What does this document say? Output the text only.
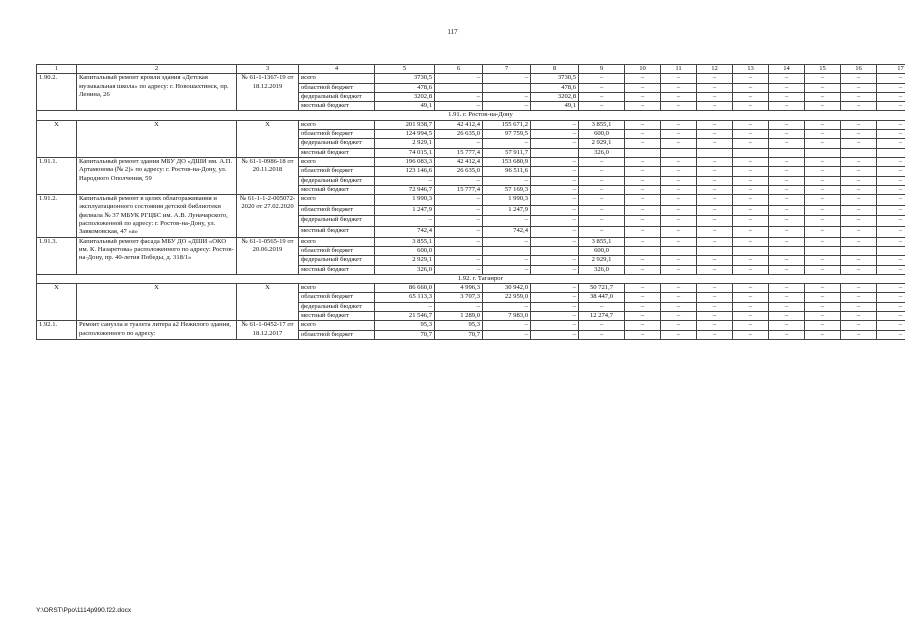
117
1	2	3	4	5	6	7	8	9	10	11	12	13	14	15	16	17
1.90.2.	Капитальный ремонт кровли здания «Детская музыкальная школа» по адресу: г. Новошахтинск, пр. Ленина, 26	№ 61-1-1367-19 от 18.12.2019	всего	3730,5	–	–	3730,5	–	–	–	–	–	–	–	–	–
			областной бюджет	478,6			478,6	–	–	–	–	–	–	–	–	–
			федеральный бюджет	3202,8	–	–	3202,8	–	–	–	–	–	–	–	–	–
			местный бюджет	49,1	–	–	49,1	–	–	–	–	–	–	–	–	–
1.91. г. Ростов-на-Дону																
X	X	X	всего	201 938,7	42 412,4	155 671,2	–	3 855,1	–	–	–	–	–	–	–	–
			областной бюджет	124 994,5	26 635,0	97 759,5	–	600,0	–	–	–	–	–	–	–	–
			федеральный бюджет	2 929,1	–	–	–	2 929,1	–	–	–	–	–	–	–	–
			местный бюджет	74 015,1	15 777,4	57 911,7		326,0								
1.91.1.	Капитальный ремонт здания МБУ ДО «ДШИ им. А.П. Артамонова (№ 2)» по адресу: г. Ростов-на-Дону, ул. Народного Ополчения, 59	№ 61-1-0986-18 от 20.11.2018	всего	196 083,3	42 412,4	153 680,9	–	–	–	–	–	–	–	–	–	–
			областной бюджет	123 146,6	26 635,0	96 511,6	–	–	–	–	–	–	–	–	–	–
			федеральный бюджет	–	–	–	–	–	–	–	–	–	–	–	–	–
			местный бюджет	72 946,7	15 777,4	57 169,3	–	–	–	–	–	–	–	–	–	–
1.91.2.	Капитальный ремонт в целях облагораживания и эксплуатационного состояния детской библиотеки филиала № 37 МБУК РГЦБС им. А.В. Луначарского, расположенной по адресу: г. Ростов-на-Дону, ул. Завкомовская, 47 «а»	№ 61-1-1-2-005072-2020 от 27.02.2020	всего	1 990,3	–	1 990,3	–	–	–	–	–	–	–	–	–	–
			областной бюджет	1 247,9	–	1 247,9	–	–	–	–	–	–	–	–	–	–
			федеральный бюджет	–	–	–	–	–	–	–	–	–	–	–	–	–
			местный бюджет	742,4	–	742,4	–	–	–	–	–	–	–	–	–	–
1.91.3.	Капитальный ремонт фасада МБУ ДО «ДШИ «ОКО им. К. Назаретова» расположенного по адресу: Ростов-на-Дону, пр. 40-летия Победы, д. 318/1»	№ 61-1-0565-19 от 20.06.2019	всего	3 855,1	–	–	–	3 855,1	–	–	–	–	–	–	–	–
			областной бюджет	600,0				600,0								
			федеральный бюджет	2 929,1	–	–	–	2 929,1	–	–	–	–	–	–	–	–
			местный бюджет	326,0	–	–	–	326,0	–	–	–	–	–	–	–	–
1.92. г. Таганрог																
X	X	X	всего	86 660,0	4 996,3	30 942,0	–	50 721,7	–	–	–	–	–	–	–	–
			областной бюджет	65 113,3	3 707,3	22 959,0	–	38 447,0	–	–	–	–	–	–	–	–
			федеральный бюджет	–	–	–	–	–	–	–	–	–	–	–	–	–
			местный бюджет	21 546,7	1 289,0	7 983,0	–	12 274,7	–	–	–	–	–	–	–	–
1.92.1.	Ремонт санузла и туалета литера а2 Нежилого здания, расположенного по адресу:	№ 61-1-0452-17 от 18.12.2017	всего	95,3	95,3	–	–	–	–	–	–	–	–	–	–	–
			областной бюджет	70,7	70,7	–	–	–	–	–	–	–	–	–	–	–
Y:\ORST\Ppo\1114p990.f22.docx
